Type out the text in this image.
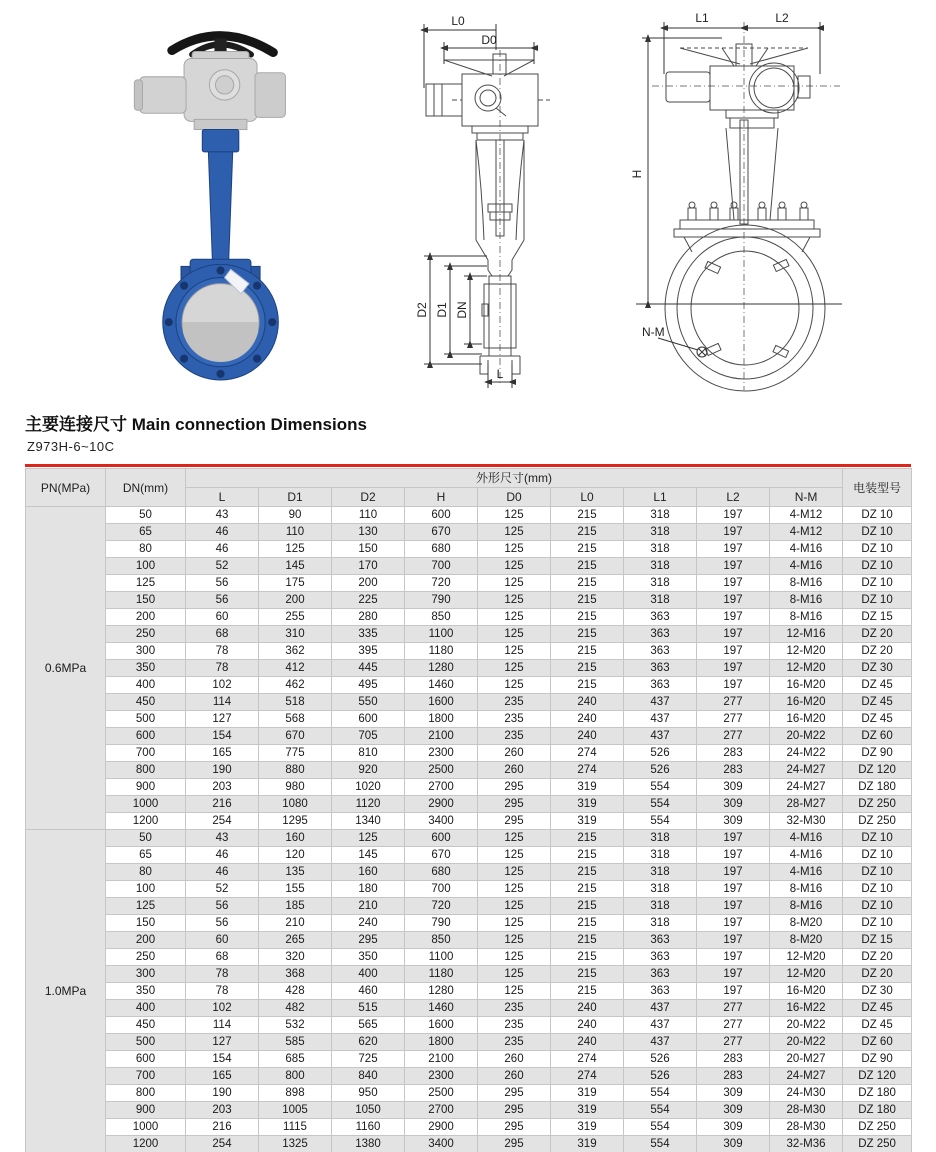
L0
D0
D2 D1 DN
L
L1	L2
H
N-M
主要连接尺寸 Main connection Dimensions
Z973H-6~10C
PN(MPa)	DN(mm)	外形尺寸(mm)									电装型号
		L	D1	D2	H	D0	L0	L1	L2	N-M	
0.6MPa	50	43	90	110	600	125	215	318	197	4-M12	DZ 10
	65	46	110	130	670	125	215	318	197	4-M12	DZ 10
	80	46	125	150	680	125	215	318	197	4-M16	DZ 10
	100	52	145	170	700	125	215	318	197	4-M16	DZ 10
	125	56	175	200	720	125	215	318	197	8-M16	DZ 10
	150	56	200	225	790	125	215	318	197	8-M16	DZ 10
	200	60	255	280	850	125	215	363	197	8-M16	DZ 15
	250	68	310	335	1100	125	215	363	197	12-M16	DZ 20
	300	78	362	395	1180	125	215	363	197	12-M20	DZ 20
	350	78	412	445	1280	125	215	363	197	12-M20	DZ 30
	400	102	462	495	1460	125	215	363	197	16-M20	DZ 45
	450	114	518	550	1600	235	240	437	277	16-M20	DZ 45
	500	127	568	600	1800	235	240	437	277	16-M20	DZ 45
	600	154	670	705	2100	235	240	437	277	20-M22	DZ 60
	700	165	775	810	2300	260	274	526	283	24-M22	DZ 90
	800	190	880	920	2500	260	274	526	283	24-M27	DZ 120
	900	203	980	1020	2700	295	319	554	309	24-M27	DZ 180
	1000	216	1080	1120	2900	295	319	554	309	28-M27	DZ 250
	1200	254	1295	1340	3400	295	319	554	309	32-M30	DZ 250
1.0MPa	50	43	160	125	600	125	215	318	197	4-M16	DZ 10
	65	46	120	145	670	125	215	318	197	4-M16	DZ 10
	80	46	135	160	680	125	215	318	197	4-M16	DZ 10
	100	52	155	180	700	125	215	318	197	8-M16	DZ 10
	125	56	185	210	720	125	215	318	197	8-M16	DZ 10
	150	56	210	240	790	125	215	318	197	8-M20	DZ 10
	200	60	265	295	850	125	215	363	197	8-M20	DZ 15
	250	68	320	350	1100	125	215	363	197	12-M20	DZ 20
	300	78	368	400	1180	125	215	363	197	12-M20	DZ 20
	350	78	428	460	1280	125	215	363	197	16-M20	DZ 30
	400	102	482	515	1460	235	240	437	277	16-M22	DZ 45
	450	114	532	565	1600	235	240	437	277	20-M22	DZ 45
	500	127	585	620	1800	235	240	437	277	20-M22	DZ 60
	600	154	685	725	2100	260	274	526	283	20-M27	DZ 90
	700	165	800	840	2300	260	274	526	283	24-M27	DZ 120
	800	190	898	950	2500	295	319	554	309	24-M30	DZ 180
	900	203	1005	1050	2700	295	319	554	309	28-M30	DZ 180
	1000	216	1115	1160	2900	295	319	554	309	28-M30	DZ 250
	1200	254	1325	1380	3400	295	319	554	309	32-M36	DZ 250
